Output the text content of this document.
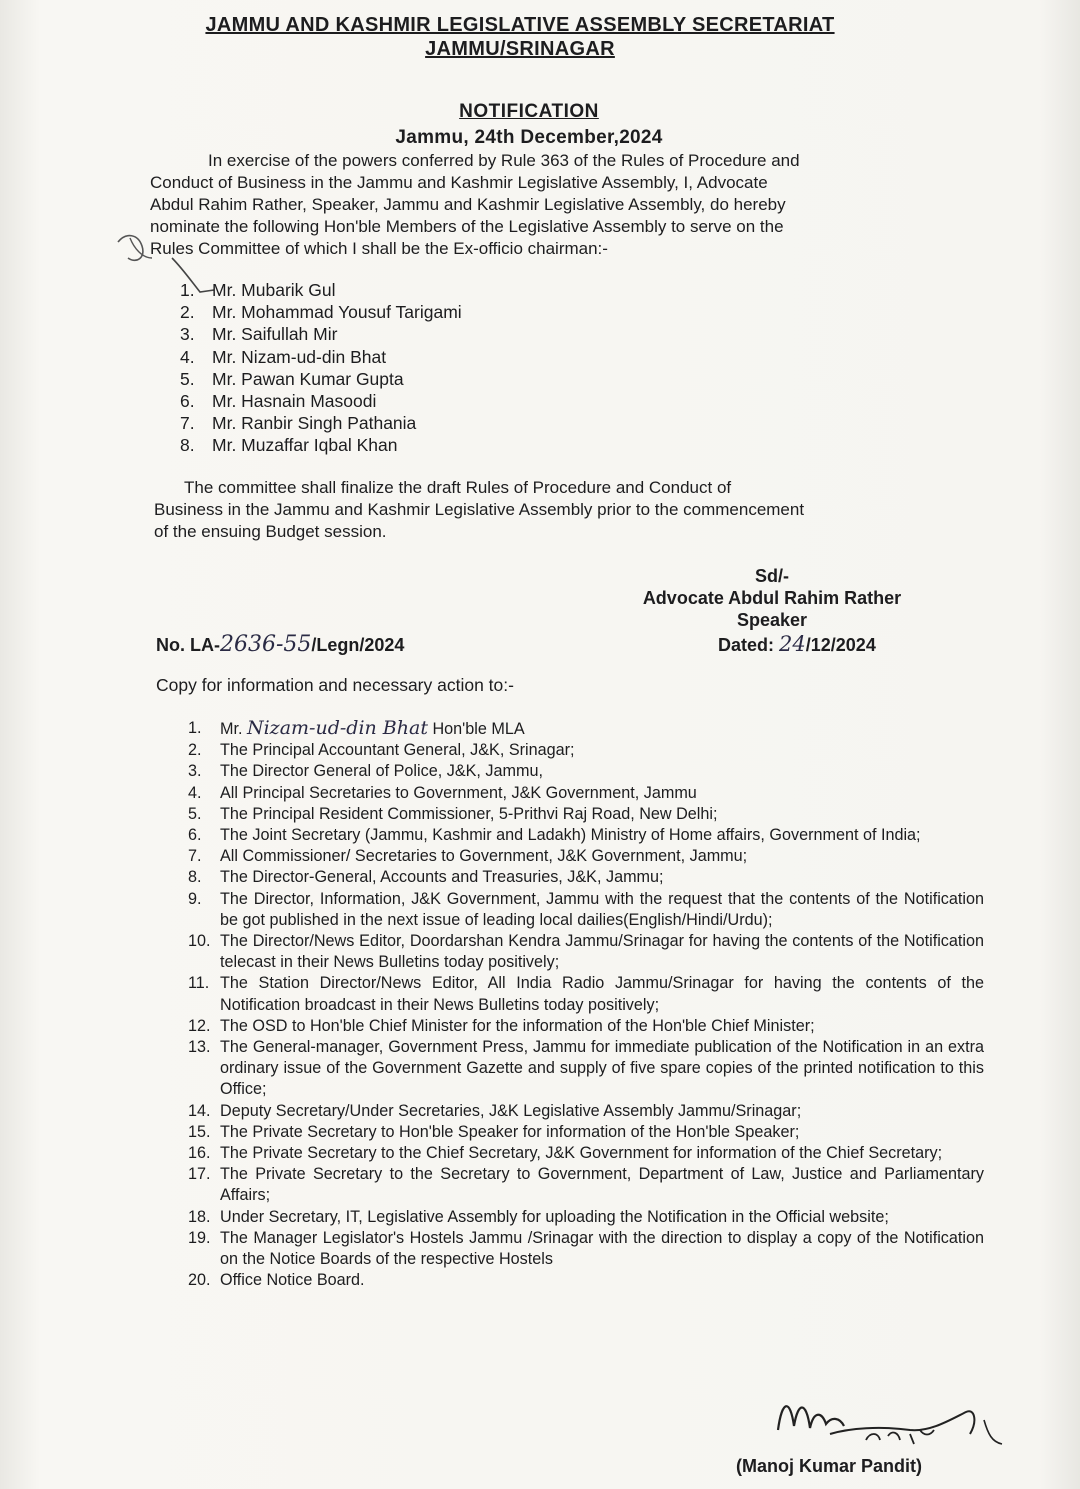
JAMMU AND KASHMIR LEGISLATIVE ASSEMBLY SECRETARIAT
JAMMU/SRINAGAR
NOTIFICATION
Jammu, 24th December,2024
In exercise of the powers conferred by Rule 363 of the Rules of Procedure and
Conduct of Business in the Jammu and Kashmir Legislative Assembly, I, Advocate
Abdul Rahim Rather, Speaker, Jammu and Kashmir Legislative Assembly, do hereby
nominate the following Hon'ble Members of the Legislative Assembly to serve on the
Rules Committee of which I shall be the Ex-officio chairman:-
1. Mr. Mubarik Gul
2. Mr. Mohammad Yousuf Tarigami
3. Mr. Saifullah Mir
4. Mr. Nizam-ud-din Bhat
5. Mr. Pawan Kumar Gupta
6. Mr. Hasnain Masoodi
7. Mr. Ranbir Singh Pathania
8. Mr. Muzaffar Iqbal Khan
The committee shall finalize the draft Rules of Procedure and Conduct of
Business in the Jammu and Kashmir Legislative Assembly prior to the commencement
of the ensuing Budget session.
Sd/-
Advocate Abdul Rahim Rather
Speaker
No. LA-2636-55/Legn/2024	Dated: 24/12/2024
Copy for information and necessary action to:-
1.	Mr. Nizam-ud-din Bhat Hon'ble MLA
2.	The Principal Accountant General, J&K, Srinagar;
3.	The Director General of Police, J&K, Jammu,
4.	All Principal Secretaries to Government, J&K Government, Jammu
5.	The Principal Resident Commissioner, 5-Prithvi Raj Road, New Delhi;
6.	The Joint Secretary (Jammu, Kashmir and Ladakh) Ministry of Home affairs, Government of India;
7.	All Commissioner/ Secretaries to Government, J&K Government, Jammu;
8.	The Director-General, Accounts and Treasuries, J&K, Jammu;
9.	The Director, Information, J&K Government, Jammu with the request that the contents of the Notification be got published in the next issue of leading local dailies(English/Hindi/Urdu);
10. The Director/News Editor, Doordarshan Kendra Jammu/Srinagar for having the contents of the Notification telecast in their News Bulletins today positively;
11. The Station Director/News Editor, All India Radio Jammu/Srinagar for having the contents of the Notification broadcast in their News Bulletins today positively;
12. The OSD to Hon'ble Chief Minister for the information of the Hon'ble Chief Minister;
13. The General-manager, Government Press, Jammu for immediate publication of the Notification in an extra ordinary issue of the Government Gazette and supply of five spare copies of the printed notification to this Office;
14. Deputy Secretary/Under Secretaries, J&K Legislative Assembly Jammu/Srinagar;
15. The Private Secretary to Hon'ble Speaker for information of the Hon'ble Speaker;
16. The Private Secretary to the Chief Secretary, J&K Government for information of the Chief Secretary;
17. The Private Secretary to the Secretary to Government, Department of Law, Justice and Parliamentary Affairs;
18. Under Secretary, IT, Legislative Assembly for uploading the Notification in the Official website;
19. The Manager Legislator's Hostels Jammu /Srinagar with the direction to display a copy of the Notification on the Notice Boards of the respective Hostels
20. Office Notice Board.
(Manoj Kumar Pandit)
